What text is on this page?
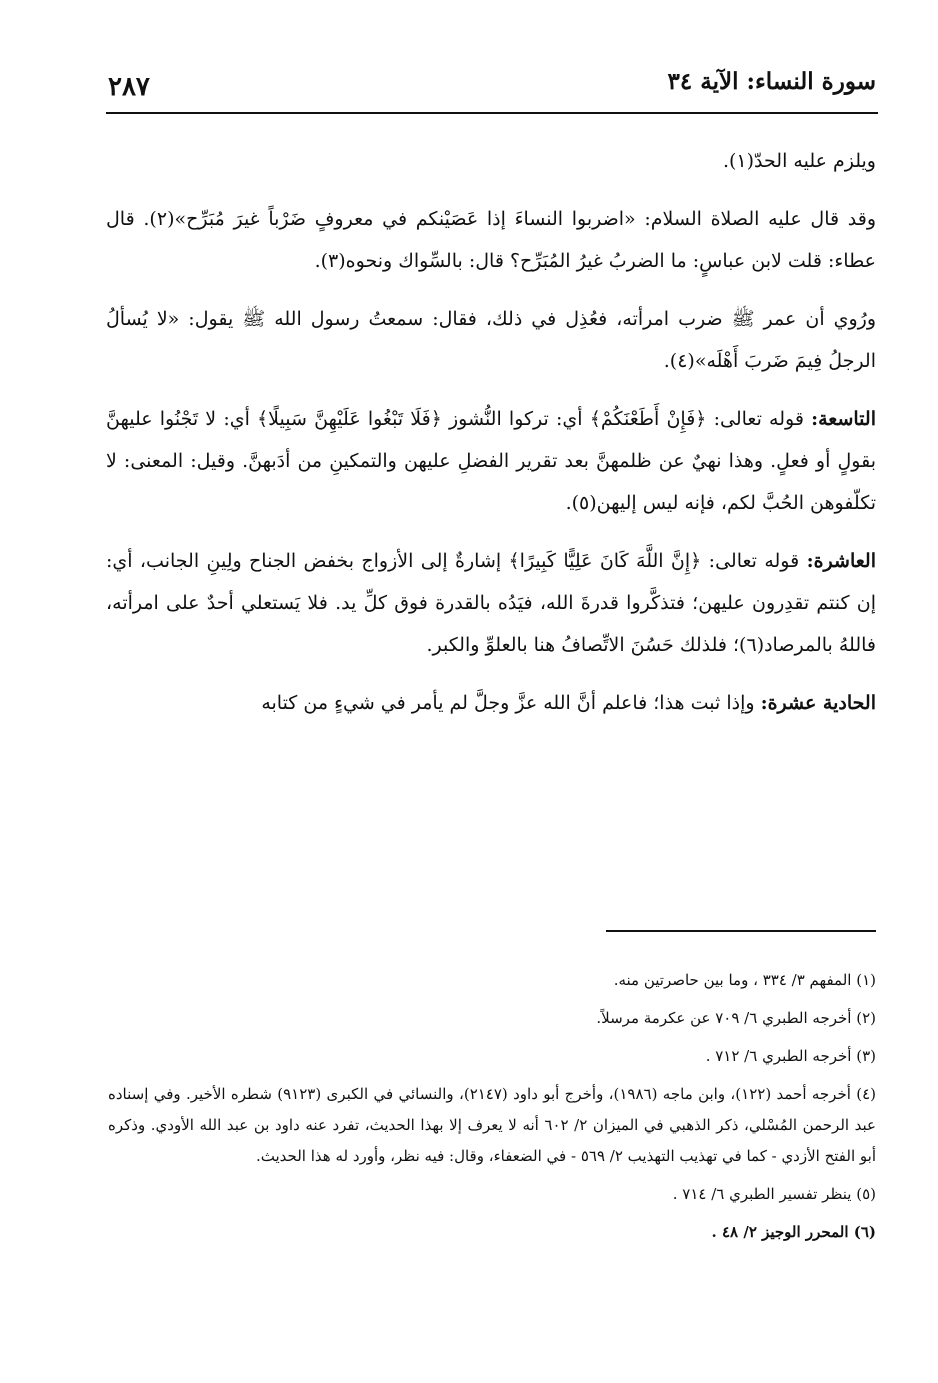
سورة النساء: الآية ٣٤
٢٨٧

ويلزم عليه الحدّ(١).

وقد قال عليه الصلاة السلام: «اضربوا النساءَ إذا عَصَيْنكم في معروفٍ ضَرْباً غيرَ مُبَرِّح»(٢). قال عطاء: قلت لابن عباسٍ: ما الضربُ غيرُ المُبَرِّح؟ قال: بالسِّواك ونحوه(٣).

ورُوي أن عمر ﷺ ضرب امرأته، فعُذِل في ذلك، فقال: سمعتُ رسول الله ﷺ يقول: «لا يُسألُ الرجلُ فِيمَ ضَربَ أَهْلَه»(٤).

التاسعة: قوله تعالى: ﴿فَإِنْ أَطَعْنَكُمْ﴾ أي: تركوا النُّشوز ﴿فَلَا تَبْغُوا عَلَيْهِنَّ سَبِيلًا﴾ أي: لا تَجْنُوا عليهنَّ بقولٍ أو فعلٍ. وهذا نهيٌ عن ظلمهنَّ بعد تقرير الفضلِ عليهن والتمكينِ من أدَبهنَّ. وقيل: المعنى: لا تكلّفوهن الحُبَّ لكم، فإنه ليس إليهن(٥).

العاشرة: قوله تعالى: ﴿إِنَّ اللَّهَ كَانَ عَلِيًّا كَبِيرًا﴾ إشارةٌ إلى الأزواج بخفض الجناح ولِينِ الجانب، أي: إن كنتم تقدِرون عليهن؛ فتذكَّروا قدرةَ الله، فيَدُه بالقدرة فوق كلِّ يد. فلا يَستعلي أحدٌ على امرأته، فاللهُ بالمرصاد(٦)؛ فلذلك حَسُنَ الاتِّصافُ هنا بالعلوِّ والكبر.

الحادية عشرة: وإذا ثبت هذا؛ فاعلم أنَّ الله عزَّ وجلَّ لم يأمر في شيءٍ من كتابه

(١) المفهم ٣/ ٣٣٤ ، وما بين حاصرتين منه.

(٢) أخرجه الطبري ٦/ ٧٠٩ عن عكرمة مرسلاً.

(٣) أخرجه الطبري ٦/ ٧١٢ .

(٤) أخرجه أحمد (١٢٢)، وابن ماجه (١٩٨٦)، وأخرج أبو داود (٢١٤٧)، والنسائي في الكبرى (٩١٢٣) شطره الأخير. وفي إسناده عبد الرحمن المُسْلي، ذكر الذهبي في الميزان ٢/ ٦٠٢ أنه لا يعرف إلا بهذا الحديث، تفرد عنه داود بن عبد الله الأودي. وذكره أبو الفتح الأزدي - كما في تهذيب التهذيب ٢/ ٥٦٩ - في الضعفاء، وقال: فيه نظر، وأورد له هذا الحديث.

(٥) ينظر تفسير الطبري ٦/ ٧١٤ .

(٦) المحرر الوجيز ٢/ ٤٨ .
